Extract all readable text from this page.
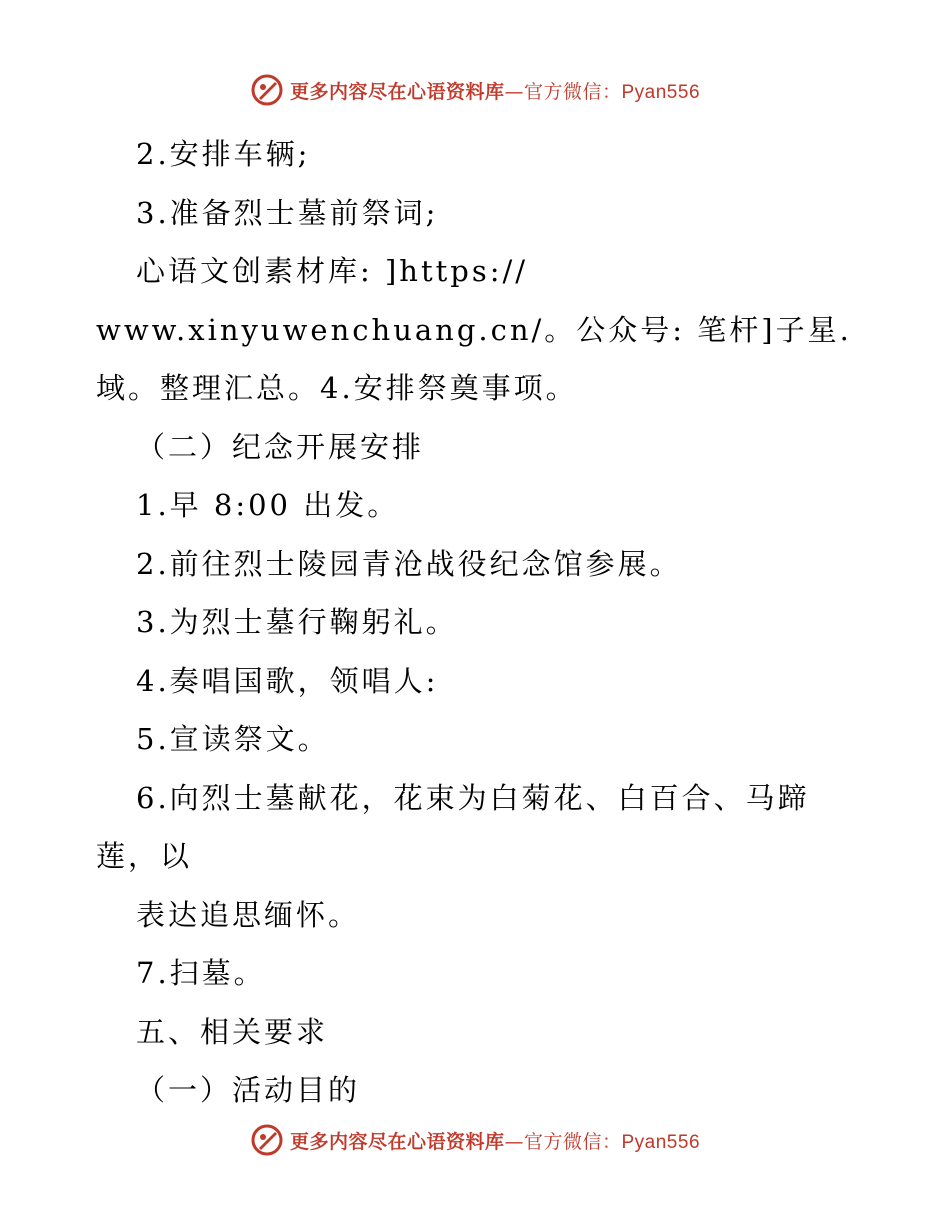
更多内容尽在心语资料库—官方微信：Pyan556
2.安排车辆;
3.准备烈士墓前祭词;
心语文创素材库: ]https://
www.xinyuwenchuang.cn/。公众号: 笔杆]子星.
域。整理汇总。4.安排祭奠事项。
（二）纪念开展安排
1.早 8:00 出发。
2.前往烈士陵园青沧战役纪念馆参展。
3.为烈士墓行鞠躬礼。
4.奏唱国歌，领唱人:
5.宣读祭文。
6.向烈士墓献花，花束为白菊花、白百合、马蹄
莲，以
表达追思缅怀。
7.扫墓。
五、相关要求
（一）活动目的
更多内容尽在心语资料库—官方微信：Pyan556
